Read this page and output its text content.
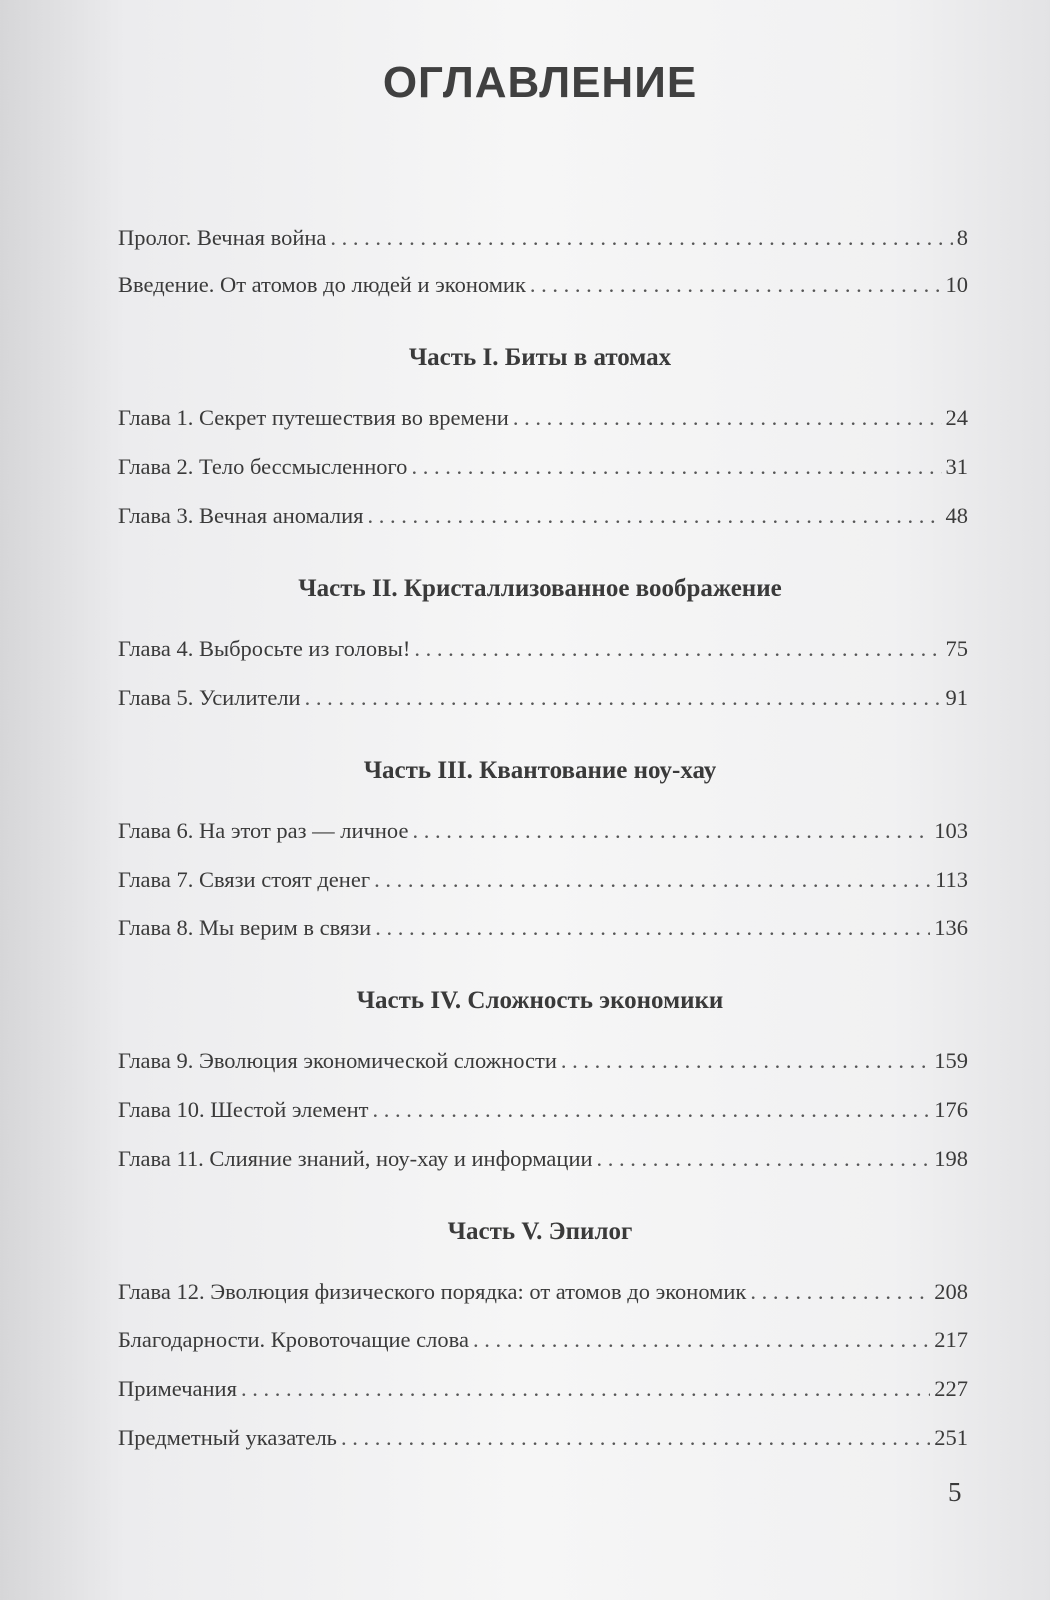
ОГЛАВЛЕНИЕ
Пролог. Вечная война . . .	8
Введение. От атомов до людей и экономик . . .	10
Часть I. Биты в атомах
Глава 1. Секрет путешествия во времени . . .	24
Глава 2. Тело бессмысленного . . .	31
Глава 3. Вечная аномалия . . .	48
Часть II. Кристаллизованное воображение
Глава 4. Выбросьте из головы! . . .	75
Глава 5. Усилители . . .	91
Часть III. Квантование ноу-хау
Глава 6. На этот раз — личное . . .	103
Глава 7. Связи стоят денег . . .	113
Глава 8. Мы верим в связи . . .	136
Часть IV. Сложность экономики
Глава 9. Эволюция экономической сложности . . .	159
Глава 10. Шестой элемент . . .	176
Глава 11. Слияние знаний, ноу-хау и информации . . .	198
Часть V. Эпилог
Глава 12. Эволюция физического порядка: от атомов до экономик . . .	208
Благодарности. Кровоточащие слова . . .	217
Примечания . . .	227
Предметный указатель . . .	251
5
